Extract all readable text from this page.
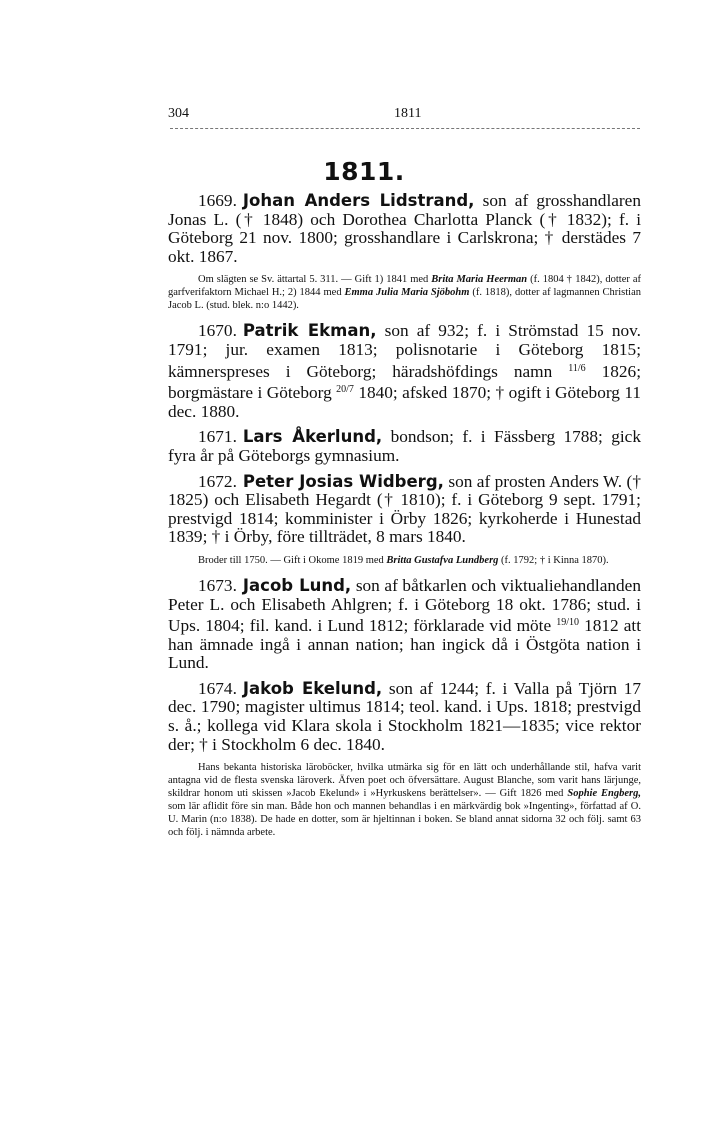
304	1811
1811.

1669. Johan Anders Lidstrand, son af grosshandlaren Jonas L. († 1848) och Dorothea Charlotta Planck († 1832); f. i Göteborg 21 nov. 1800; grosshandlare i Carlskrona; † derstädes 7 okt. 1867.

Om slägten se Sv. ättartal 5. 311. — Gift 1) 1841 med Brita Maria Heerman (f. 1804 † 1842), dotter af garfverifaktorn Michael H.; 2) 1844 med Emma Julia Maria Sjöbohm (f. 1818), dotter af lagmannen Christian Jacob L. (stud. blek. n:o 1442).

1670. Patrik Ekman, son af 932; f. i Strömstad 15 nov. 1791; jur. examen 1813; polisnotarie i Göteborg 1815; kämnerspreses i Göteborg; häradshöfdings namn $^{11/6}$ 1826; borgmästare i Göteborg $^{20/7}$ 1840; afsked 1870; † ogift i Göteborg 11 dec. 1880.

1671. Lars Åkerlund, bondson; f. i Fässberg 1788; gick fyra år på Göteborgs gymnasium.

1672. Peter Josias Widberg, son af prosten Anders W. († 1825) och Elisabeth Hegardt († 1810); f. i Göteborg 9 sept. 1791; prestvigd 1814; komminister i Örby 1826; kyrkoherde i Hunestad 1839; † i Örby, före tillträdet, 8 mars 1840.

Broder till 1750. — Gift i Okome 1819 med Britta Gustafva Lundberg (f. 1792; † i Kinna 1870).

1673. Jacob Lund, son af båtkarlen och viktualiehandlanden Peter L. och Elisabeth Ahlgren; f. i Göteborg 18 okt. 1786; stud. i Ups. 1804; fil. kand. i Lund 1812; förklarade vid möte $^{19/10}$ 1812 att han ämnade ingå i annan nation; han ingick då i Östgöta nation i Lund.

1674. Jakob Ekelund, son af 1244; f. i Valla på Tjörn 17 dec. 1790; magister ultimus 1814; teol. kand. i Ups. 1818; prestvigd s. å.; kollega vid Klara skola i Stockholm 1821—1835; vice rektor der; † i Stockholm 6 dec. 1840.

Hans bekanta historiska läroböcker, hvilka utmärka sig för en lätt och underhållande stil, hafva varit antagna vid de flesta svenska läroverk. Äfven poet och öfversättare. August Blanche, som varit hans lärjunge, skildrar honom uti skissen »Jacob Ekelund» i »Hyrkuskens berättelser». — Gift 1826 med Sophie Engberg, som lär aflidit före sin man. Både hon och mannen behandlas i en märkvärdig bok »Ingenting», författad af O. U. Marin (n:o 1838). De hade en dotter, som är hjeltinnan i boken. Se bland annat sidorna 32 och följ. samt 63 och följ. i nämnda arbete.
